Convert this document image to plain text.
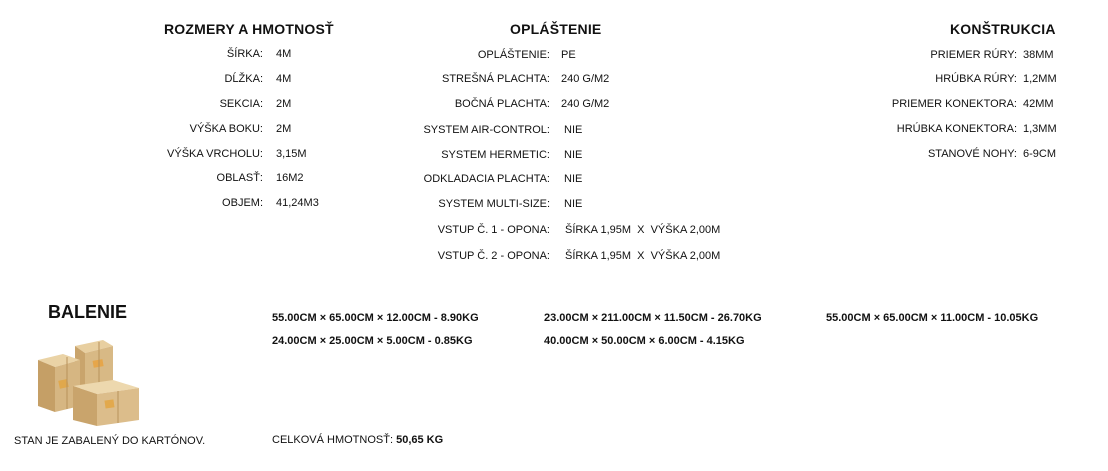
ROZMERY A HMOTNOSŤ
ŠÍRKA: 4M
DĹŽKA: 4M
SEKCIA: 2M
VÝŠKA BOKU: 2M
VÝŠKA VRCHOLU: 3,15M
OBLASŤ: 16M2
OBJEM: 41,24M3
OPLÁŠTENIE
OPLÁŠTENIE: PE
STREŠNÁ PLACHTA: 240 G/M2
BOČNÁ PLACHTA: 240 G/M2
SYSTEM AIR-CONTROL: NIE
SYSTEM HERMETIC: NIE
ODKLADACIA PLACHTA: NIE
SYSTEM MULTI-SIZE: NIE
VSTUP Č. 1 - OPONA: ŠÍRKA 1,95M  X  VÝŠKA 2,00M
VSTUP Č. 2 - OPONA: ŠÍRKA 1,95M  X  VÝŠKA 2,00M
KONŠTRUKCIA
PRIEMER RÚRY: 38MM
HRÚBKA RÚRY: 1,2MM
PRIEMER KONEKTORA: 42MM
HRÚBKA KONEKTORA: 1,3MM
STANOVÉ NOHY: 6-9CM
BALENIE
STAN JE ZABALENÝ DO KARTÓNOV.
55.00CM × 65.00CM × 12.00CM - 8.90KG	23.00CM × 211.00CM × 11.50CM - 26.70KG	55.00CM × 65.00CM × 11.00CM - 10.05KG
24.00CM × 25.00CM × 5.00CM - 0.85KG	40.00CM × 50.00CM × 6.00CM - 4.15KG
CELKOVÁ HMOTNOSŤ: 50,65 KG
